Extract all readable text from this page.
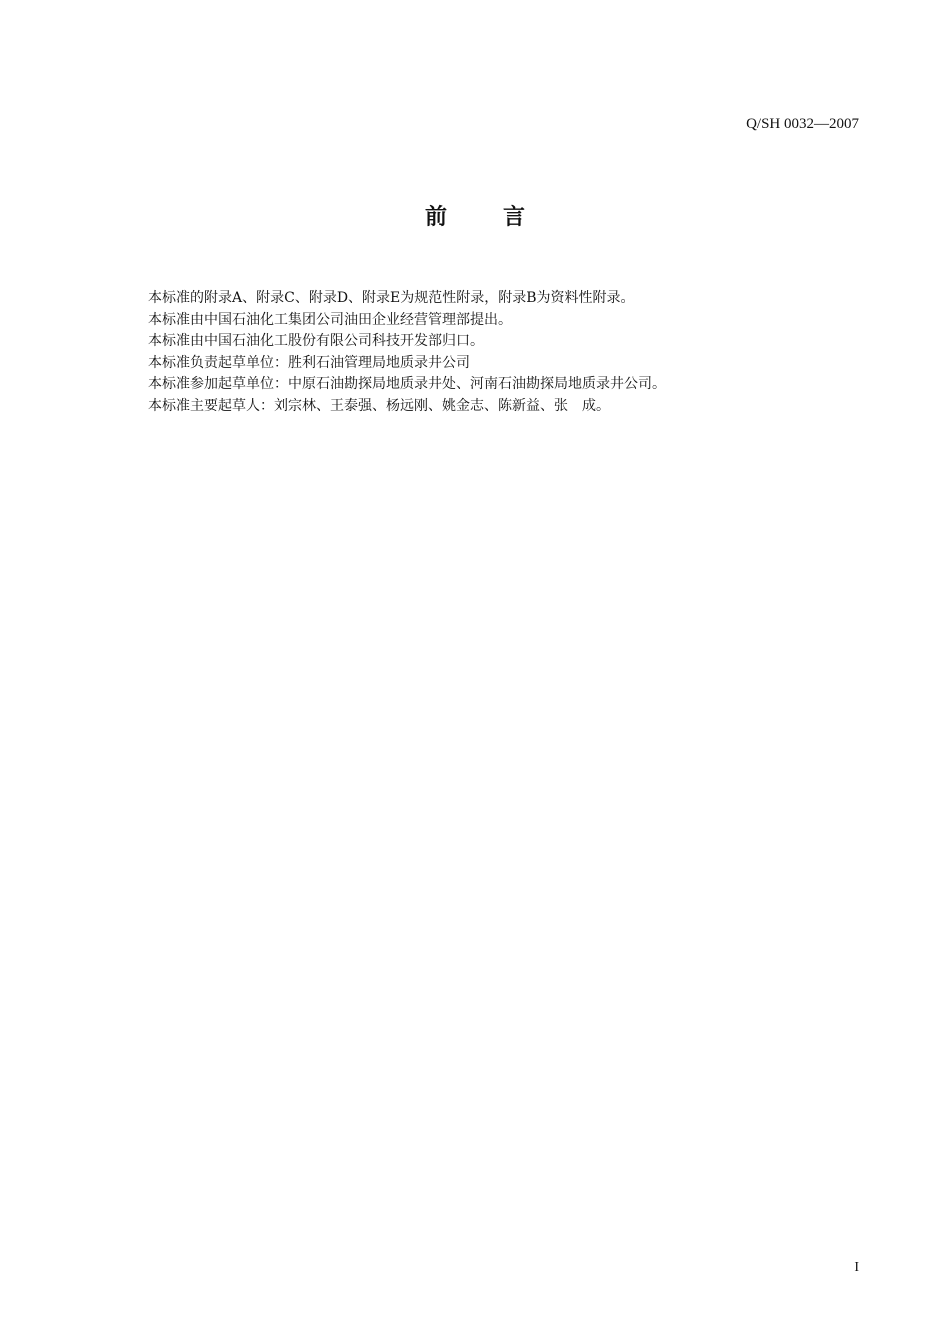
Q/SH 0032—2007
前	言

本标准的附录A、附录C、附录D、附录E为规范性附录，附录B为资料性附录。

本标准由中国石油化工集团公司油田企业经营管理部提出。

本标准由中国石油化工股份有限公司科技开发部归口。

本标准负责起草单位：胜利石油管理局地质录井公司

本标准参加起草单位：中原石油勘探局地质录井处、河南石油勘探局地质录井公司。

本标准主要起草人：刘宗林、王泰强、杨远刚、姚金志、陈新益、张　成。

I
